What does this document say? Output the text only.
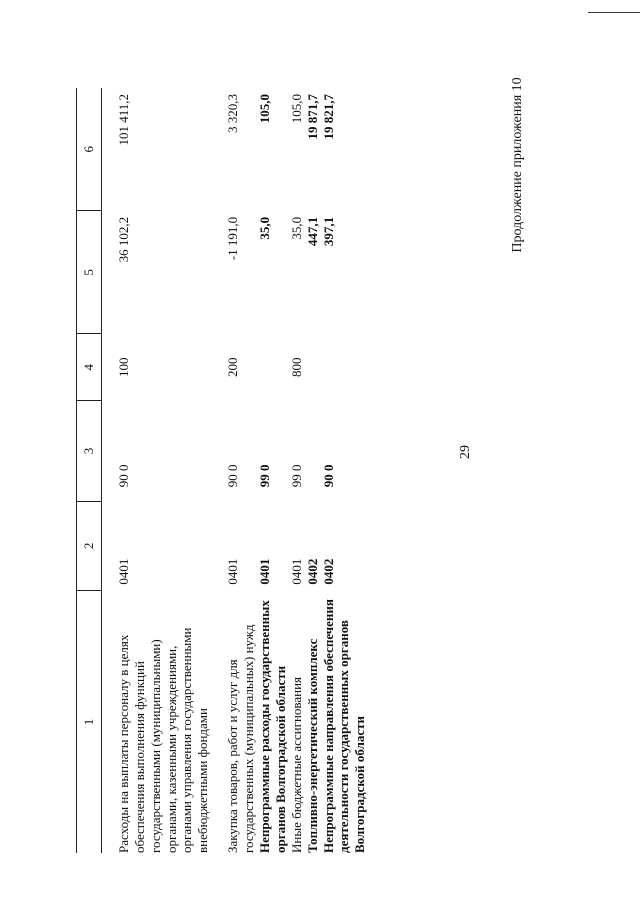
29
Продолжение приложения 10
1	2	3	4	5	6

Расходы на выплаты персоналу в целях обеспечения выполнения функций государственными (муниципальными) органами, казенными учреждениями, органами управления государственными внебюджетными фондами	0401	90 0	100	36 102,2	101 411,2

Закупка товаров, работ и услуг для государственных (муниципальных) нужд	0401	90 0	200	-1 191,0	3 320,3
Непрограммные расходы государственных органов Волгоградской области	0401	99 0		35,0	105,0
Иные бюджетные ассигнования	0401	99 0	800	35,0	105,0
Топливно-энергетический комплекс	0402			447,1	19 871,7
Непрограммные направления обеспечения деятельности государственных органов Волгоградской области	0402	90 0		397,1	19 821,7
